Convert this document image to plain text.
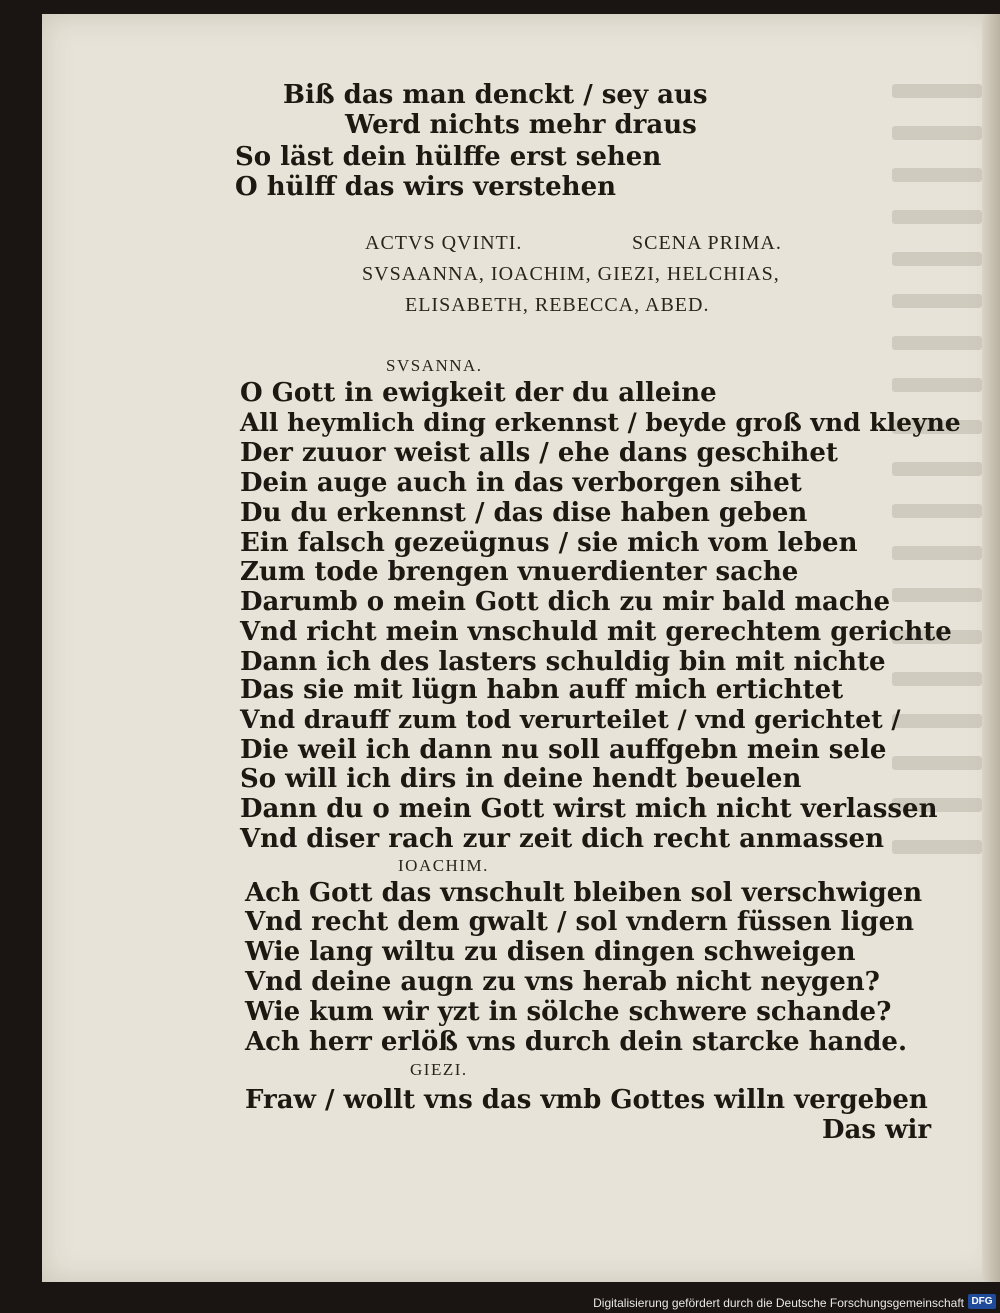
Biß das man denckt / sey aus
Werd nichts mehr draus
So läst dein hülffe erst sehen
O hülff das wirs verstehen
ACTVS QVINTI.	SCENA PRIMA.
SVSAANNA, IOACHIM, GIEZI, HELCHIAS,
ELISABETH, REBECCA, ABED.
SVSANNA.
O Gott in ewigkeit der du alleine
All heymlich ding erkennst / beyde groß vnd kleyne
Der zuuor weist alls / ehe dans geschihet
Dein auge auch in das verborgen sihet
Du du erkennst / das dise haben geben
Ein falsch gezeügnus / sie mich vom leben
Zum tode brengen vnuerdienter sache
Darumb o mein Gott dich zu mir bald mache
Vnd richt mein vnschuld mit gerechtem gerichte
Dann ich des lasters schuldig bin mit nichte
Das sie mit lügn habn auff mich ertichtet
Vnd drauff zum tod verurteilet / vnd gerichtet /
Die weil ich dann nu soll auffgebn mein sele
So will ich dirs in deine hendt beuelen
Dann du o mein Gott wirst mich nicht verlassen
Vnd diser rach zur zeit dich recht anmassen
IOACHIM.
Ach Gott das vnschult bleiben sol verschwigen
Vnd recht dem gwalt / sol vndern füssen ligen
Wie lang wiltu zu disen dingen schweigen
Vnd deine augn zu vns herab nicht neygen?
Wie kum wir yzt in sölche schwere schande?
Ach herr erlöß vns durch dein starcke hande.
GIEZI.
Fraw / wollt vns das vmb Gottes willn vergeben
Das wir
Digitalisierung gefördert durch die Deutsche Forschungsgemeinschaft DFG
